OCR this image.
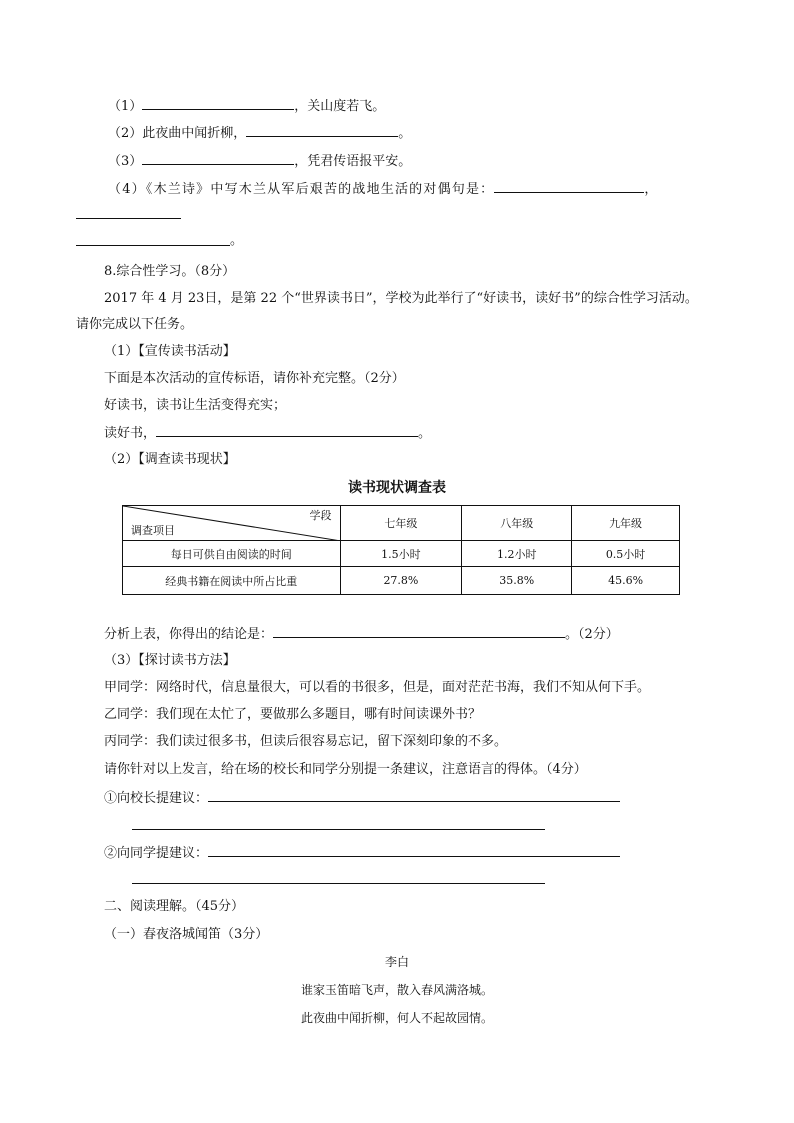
（1）	，关山度若飞。
（2）此夜曲中闻折柳，	。
（3）	，凭君传语报平安。
（4）《木兰诗》中写木兰从军后艰苦的战地生活的对偶句是：	，
。
8.综合性学习。（8分）
2017 年 4 月 23日，是第 22 个“世界读书日”，学校为此举行了“好读书，读好书”的综合性学习活动。
请你完成以下任务。
（1）【宣传读书活动】
下面是本次活动的宣传标语，请你补充完整。（2分）
好读书，读书让生活变得充实；
读好书，	。
（2）【调查读书现状】
读书现状调查表
学段
调查项目	七年级	八年级	九年级
每日可供自由阅读的时间	1.5小时	1.2小时	0.5小时
经典书籍在阅读中所占比重	27.8%	35.8%	45.6%
分析上表，你得出的结论是：	。（2分）
（3）【探讨读书方法】
甲同学：网络时代，信息量很大，可以看的书很多，但是，面对茫茫书海，我们不知从何下手。
乙同学：我们现在太忙了，要做那么多题目，哪有时间读课外书？
丙同学：我们读过很多书，但读后很容易忘记，留下深刻印象的不多。
请你针对以上发言，给在场的校长和同学分别提一条建议，注意语言的得体。（4分）
①向校长提建议：
②向同学提建议：
二、阅读理解。（45分）
（一）春夜洛城闻笛（3分）
李白
谁家玉笛暗飞声，散入春风满洛城。
此夜曲中闻折柳，何人不起故园情。
